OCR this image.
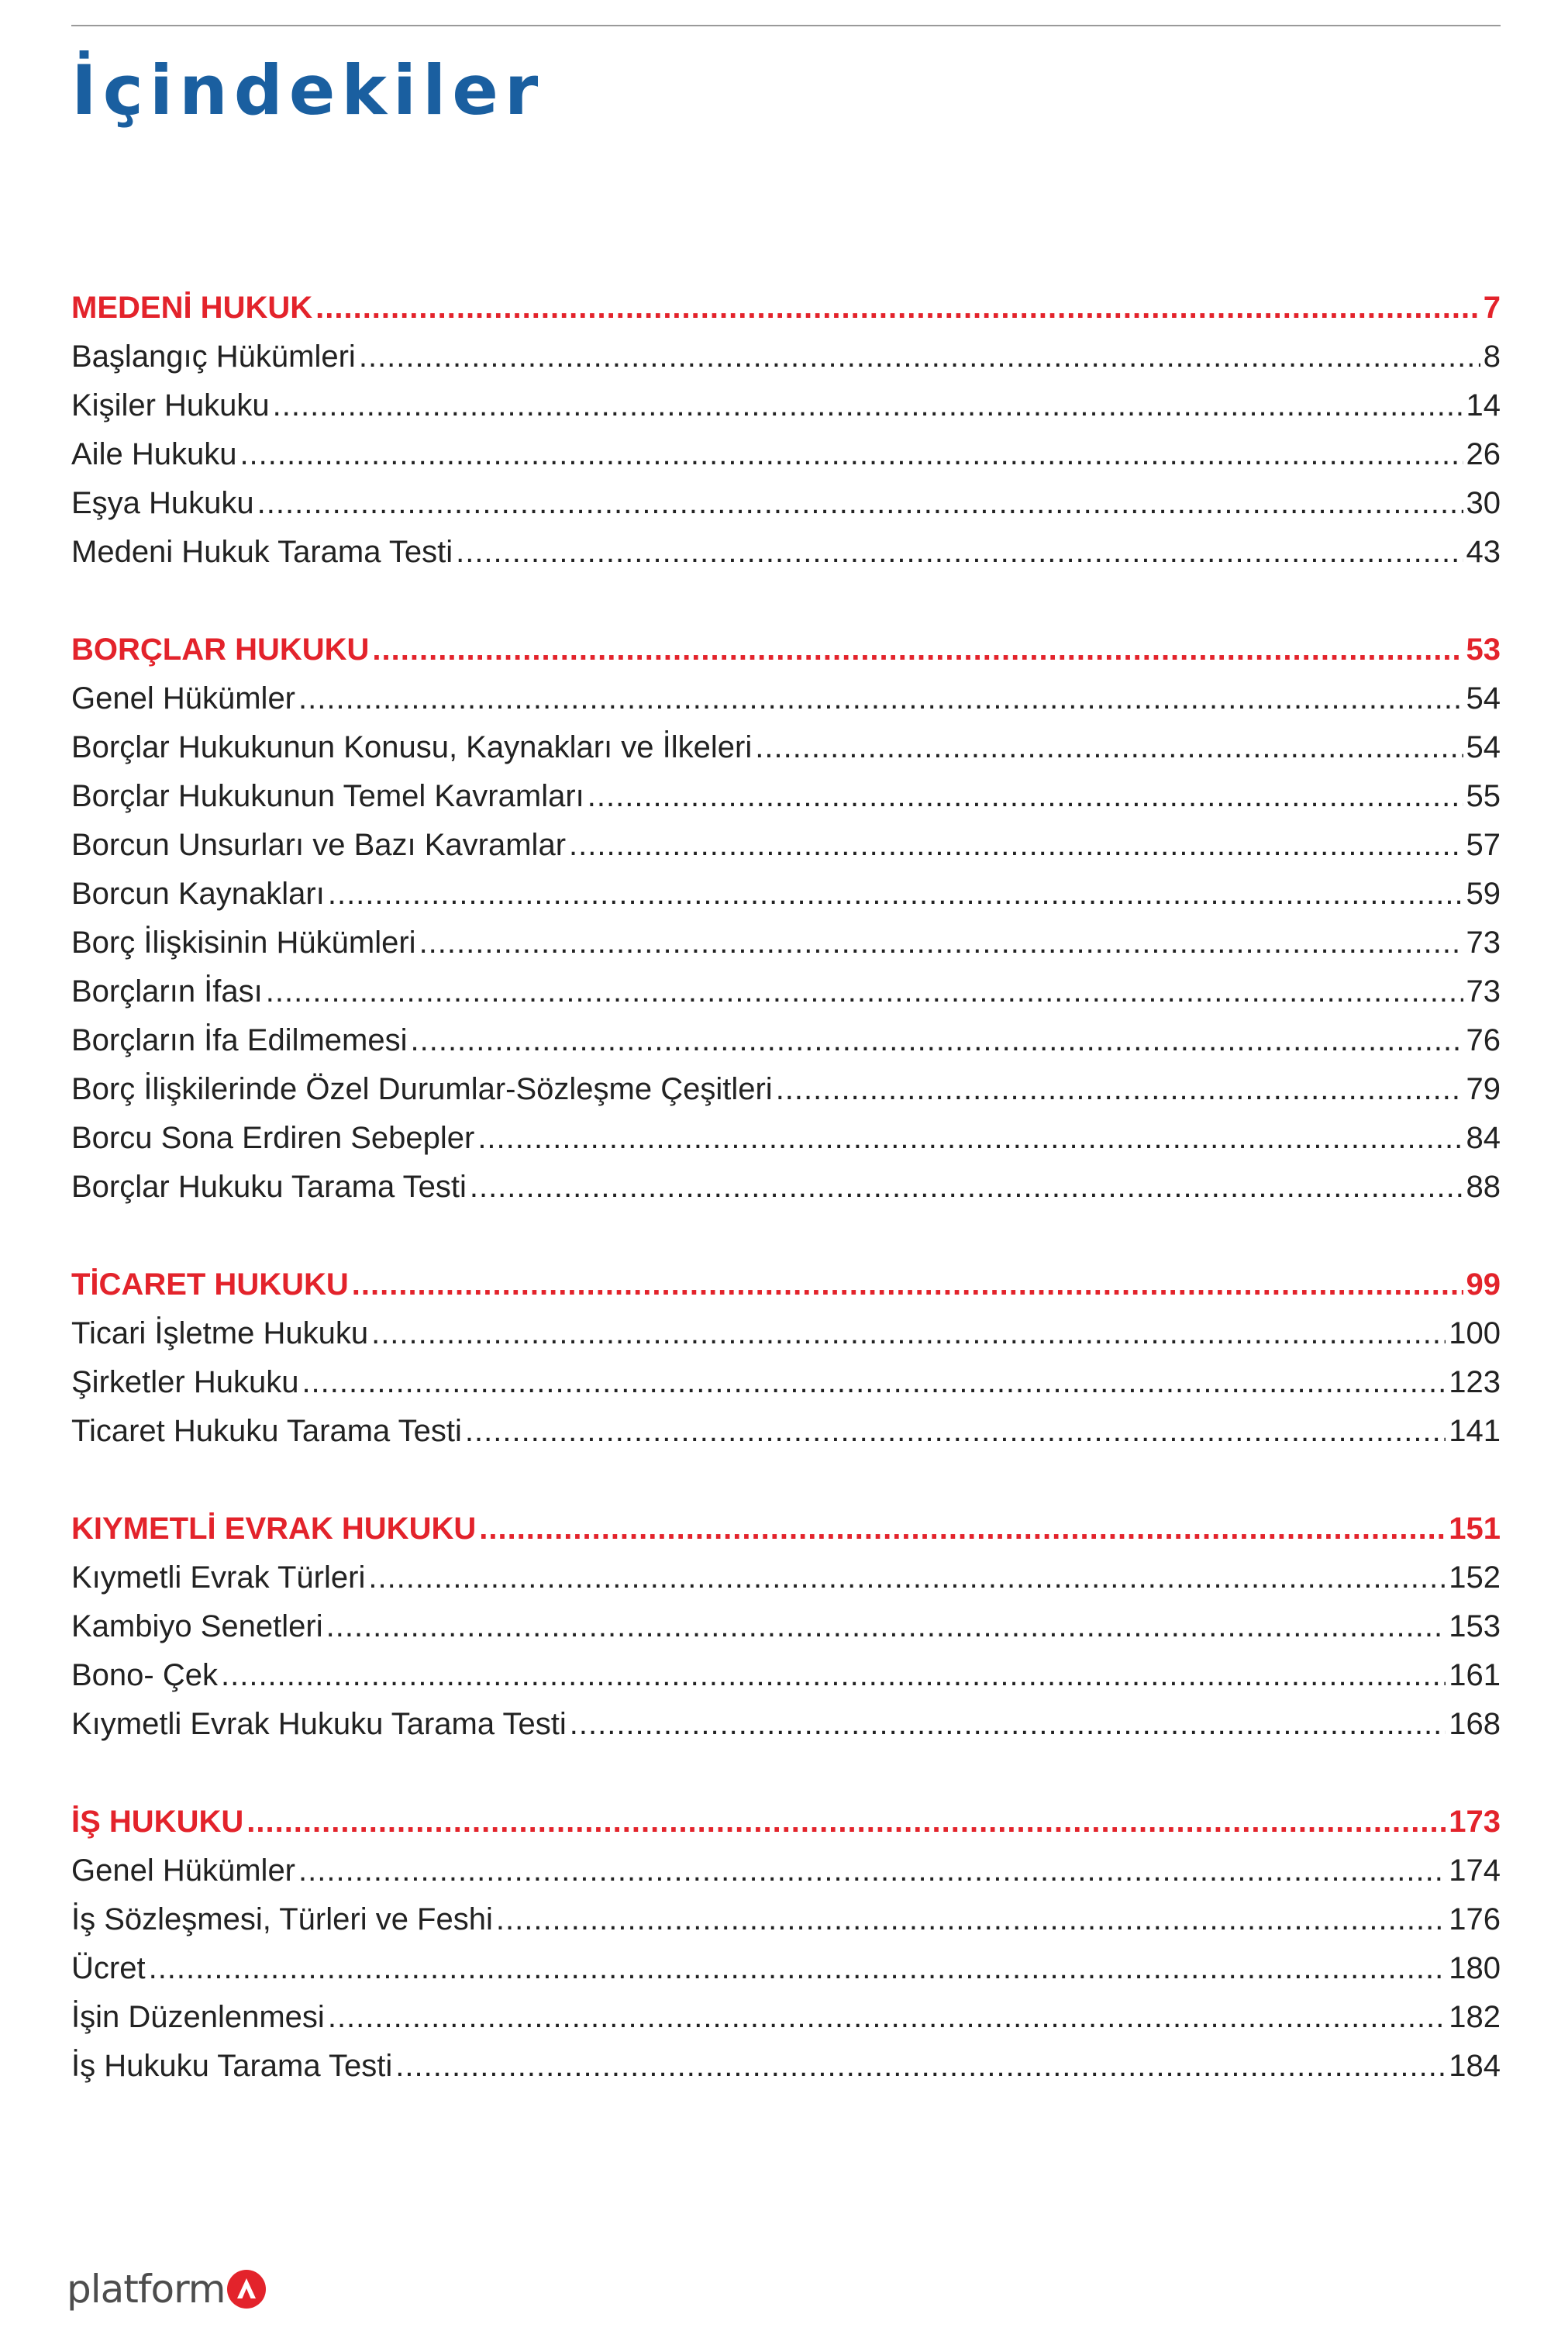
İçindekiler
MEDENİ HUKUK .....	7
Başlangıç Hükümleri .....	8
Kişiler Hukuku .....	14
Aile Hukuku .....	26
Eşya Hukuku .....	30
Medeni Hukuk Tarama Testi .....	43
BORÇLAR HUKUKU .....	53
Genel Hükümler .....	54
Borçlar Hukukunun Konusu, Kaynakları ve İlkeleri .....	54
Borçlar Hukukunun Temel Kavramları .....	55
Borcun Unsurları ve Bazı Kavramlar .....	57
Borcun Kaynakları .....	59
Borç İlişkisinin Hükümleri .....	73
Borçların İfası .....	73
Borçların İfa Edilmemesi .....	76
Borç İlişkilerinde Özel Durumlar-Sözleşme Çeşitleri .....	79
Borcu Sona Erdiren Sebepler .....	84
Borçlar Hukuku Tarama Testi .....	88
TİCARET HUKUKU .....	99
Ticari İşletme Hukuku .....	100
Şirketler Hukuku .....	123
Ticaret Hukuku Tarama Testi .....	141
KIYMETLİ EVRAK HUKUKU .....	151
Kıymetli Evrak Türleri .....	152
Kambiyo Senetleri .....	153
Bono- Çek .....	161
Kıymetli Evrak Hukuku Tarama Testi .....	168
İŞ HUKUKU .....	173
Genel Hükümler .....	174
İş Sözleşmesi, Türleri ve Feshi .....	176
Ücret .....	180
İşin Düzenlenmesi .....	182
İş Hukuku Tarama Testi .....	184
platform
